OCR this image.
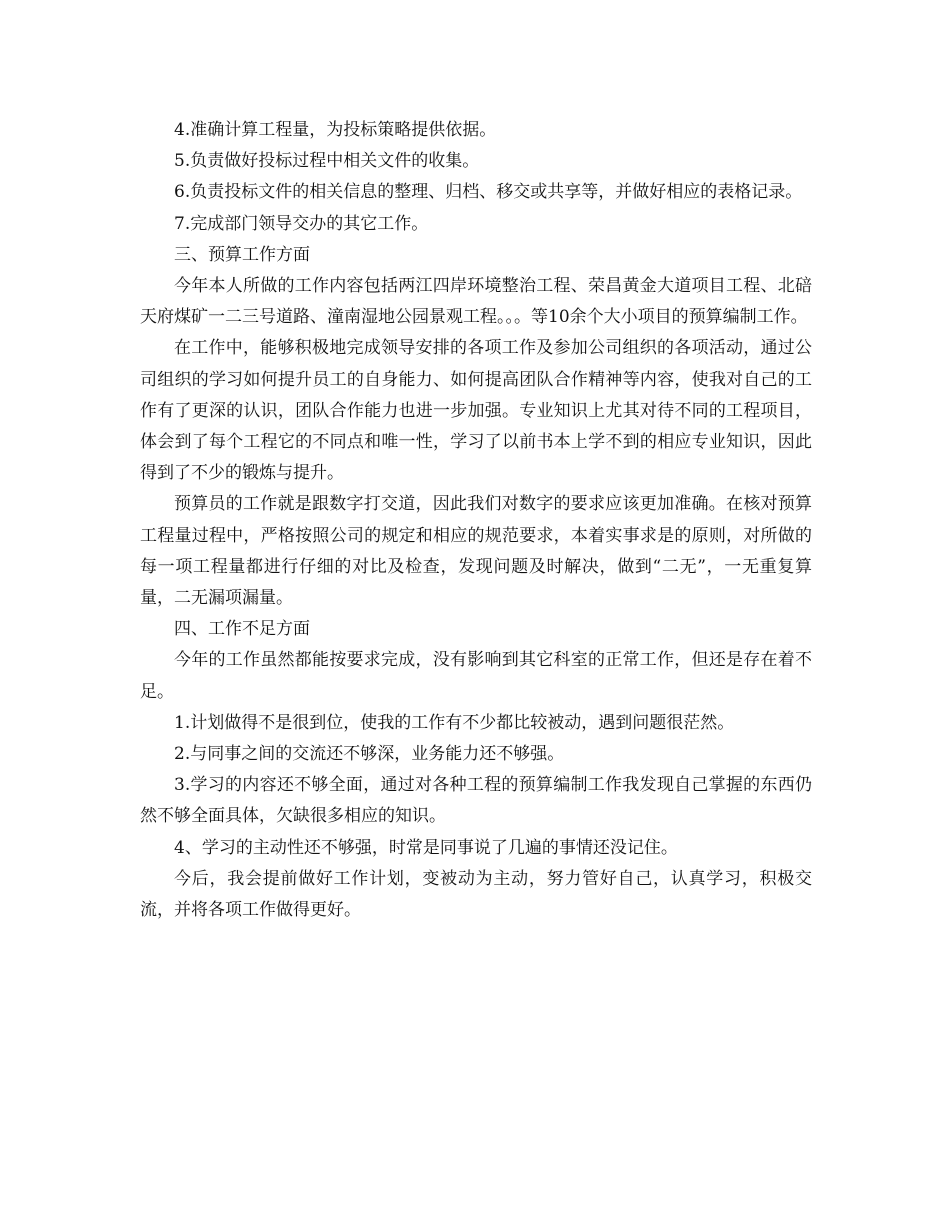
4.准确计算工程量，为投标策略提供依据。

5.负责做好投标过程中相关文件的收集。

6.负责投标文件的相关信息的整理、归档、移交或共享等，并做好相应的表格记录。

7.完成部门领导交办的其它工作。

三、预算工作方面

今年本人所做的工作内容包括两江四岸环境整治工程、荣昌黄金大道项目工程、北碚天府煤矿一二三号道路、潼南湿地公园景观工程。。。等10余个大小项目的预算编制工作。

在工作中，能够积极地完成领导安排的各项工作及参加公司组织的各项活动，通过公司组织的学习如何提升员工的自身能力、如何提高团队合作精神等内容，使我对自己的工作有了更深的认识，团队合作能力也进一步加强。专业知识上尤其对待不同的工程项目，体会到了每个工程它的不同点和唯一性，学习了以前书本上学不到的相应专业知识，因此得到了不少的锻炼与提升。

预算员的工作就是跟数字打交道，因此我们对数字的要求应该更加准确。在核对预算工程量过程中，严格按照公司的规定和相应的规范要求，本着实事求是的原则，对所做的每一项工程量都进行仔细的对比及检查，发现问题及时解决，做到“二无”，一无重复算量，二无漏项漏量。

四、工作不足方面

今年的工作虽然都能按要求完成，没有影响到其它科室的正常工作，但还是存在着不足。

1.计划做得不是很到位，使我的工作有不少都比较被动，遇到问题很茫然。

2.与同事之间的交流还不够深，业务能力还不够强。

3.学习的内容还不够全面，通过对各种工程的预算编制工作我发现自己掌握的东西仍然不够全面具体，欠缺很多相应的知识。

4、学习的主动性还不够强，时常是同事说了几遍的事情还没记住。

今后，我会提前做好工作计划，变被动为主动，努力管好自己，认真学习，积极交流，并将各项工作做得更好。
